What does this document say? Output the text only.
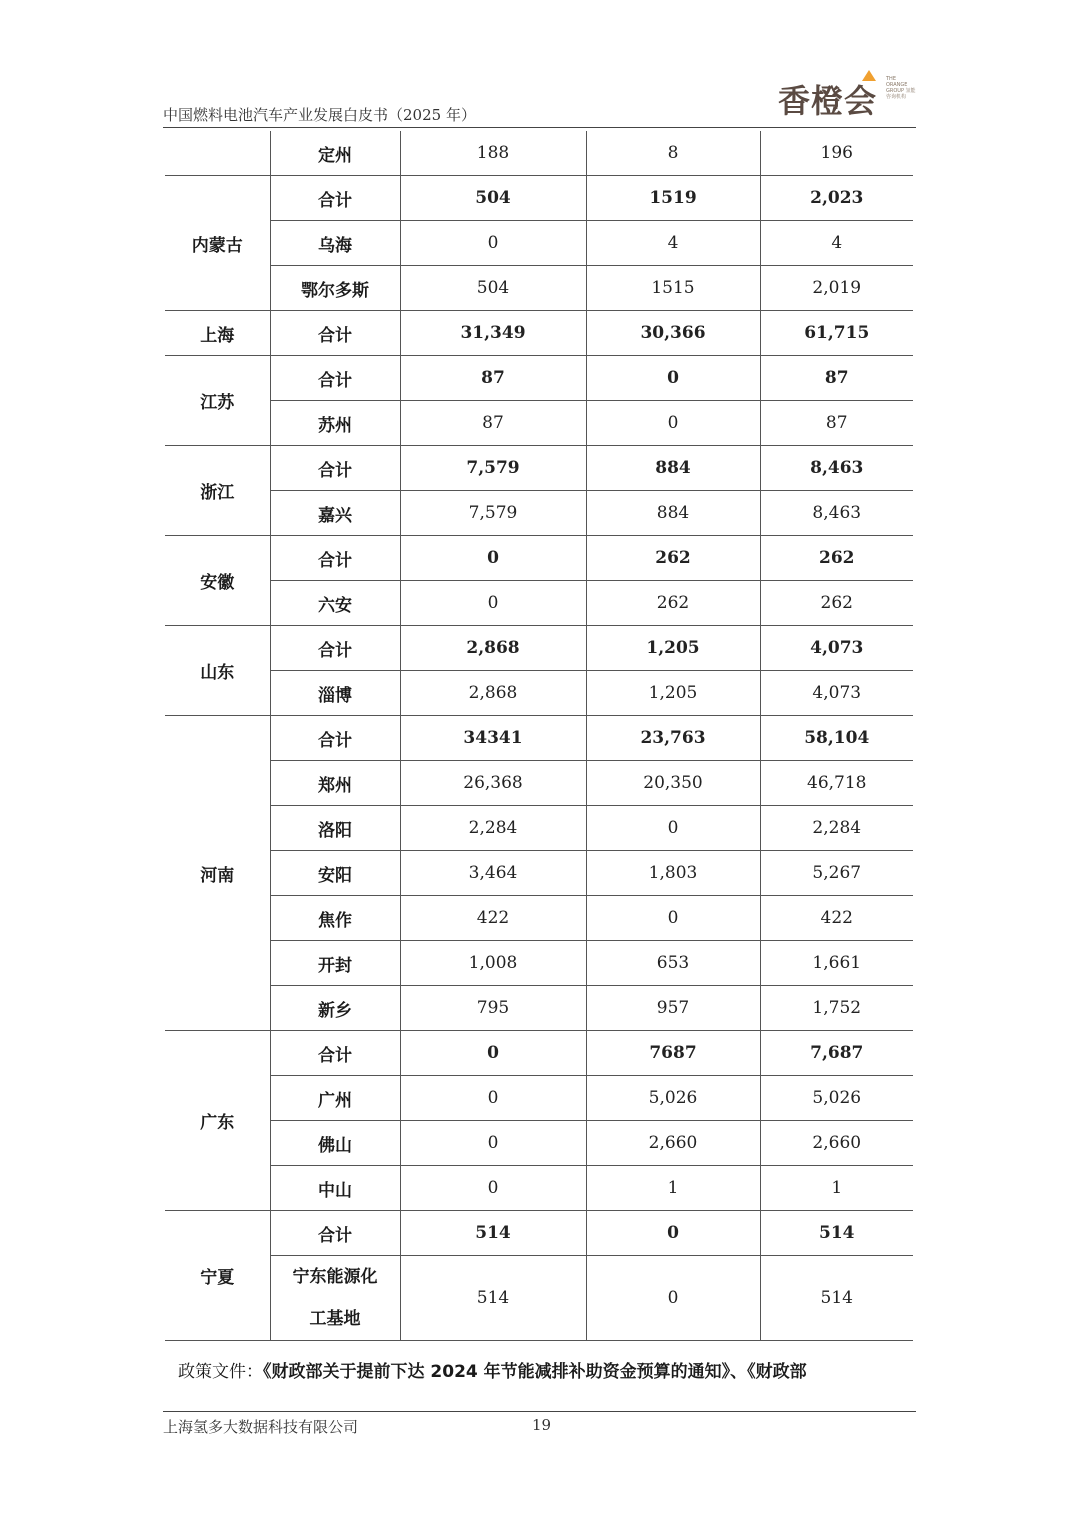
中国燃料电池汽车产业发展白皮书（2025 年）	香橙会
THE ORANGE GROUP 氢能咨询机构
	定州	188	8	196
内蒙古	合计	504	1519	2,023
	乌海	0	4	4
	鄂尔多斯	504	1515	2,019
上海	合计	31,349	30,366	61,715
江苏	合计	87	0	87
	苏州	87	0	87
浙江	合计	7,579	884	8,463
	嘉兴	7,579	884	8,463
安徽	合计	0	262	262
	六安	0	262	262
山东	合计	2,868	1,205	4,073
	淄博	2,868	1,205	4,073
河南	合计	34341	23,763	58,104
	郑州	26,368	20,350	46,718
	洛阳	2,284	0	2,284
	安阳	3,464	1,803	5,267
	焦作	422	0	422
	开封	1,008	653	1,661
	新乡	795	957	1,752
广东	合计	0	7687	7,687
	广州	0	5,026	5,026
	佛山	0	2,660	2,660
	中山	0	1	1
宁夏	合计	514	0	514
	宁东能源化
工基地	514	0	514
政策文件：《财政部关于提前下达 2024 年节能减排补助资金预算的通知》、《财政部
上海氢多大数据科技有限公司	19
